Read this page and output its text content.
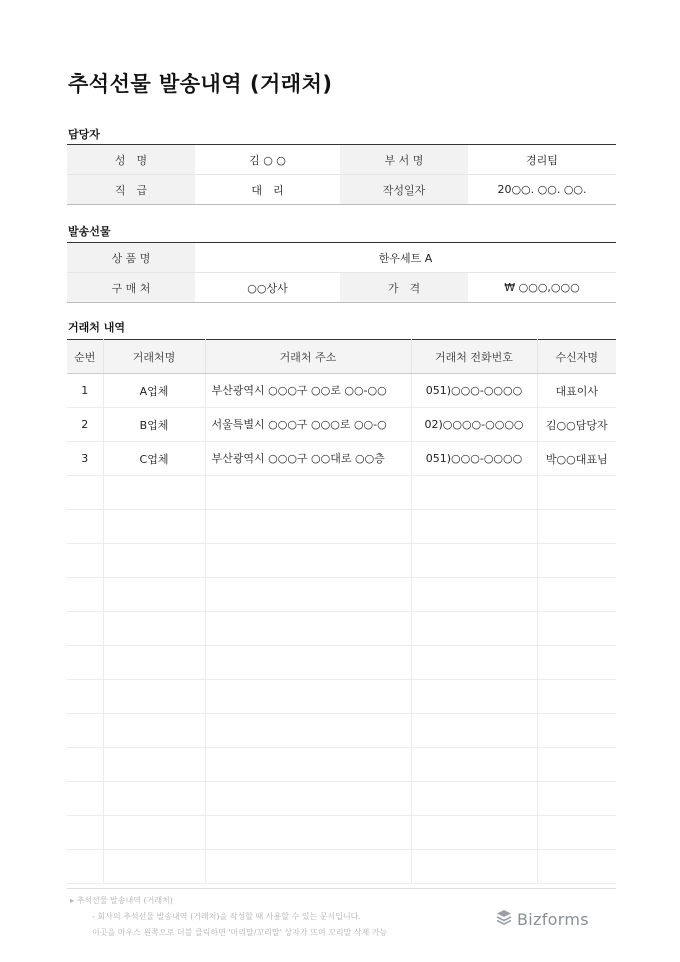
추석선물 발송내역 (거래처)
담당자
성　명	김 ○ ○	부 서 명	경리팀
직　급	대　리	작성일자	20○○. ○○. ○○.
발송선물
상 품 명	한우세트 A		
구 매 처	○○상사	가　격	₩ ○○○,○○○
거래처 내역
순번	거래처명	거래처 주소	거래처 전화번호	수신자명
1	A업체	부산광역시 ○○○구 ○○로 ○○-○○	051)○○○-○○○○	대표이사
2	B업체	서울특별시 ○○○구 ○○○로 ○○-○	02)○○○○-○○○○	김○○담당자
3	C업체	부산광역시 ○○○구 ○○대로 ○○층	051)○○○-○○○○	박○○대표님

▸ 추석선물 발송내역 (거래처)
- 회사의 추석선물 발송내역 (거래처)을 작성할 때 사용할 수 있는 문서입니다.
이곳을 마우스 왼쪽으로 더블 클릭하면 '머리말/꼬리말' 상자가 뜨며 꼬리말 삭제 가능
Bizforms
